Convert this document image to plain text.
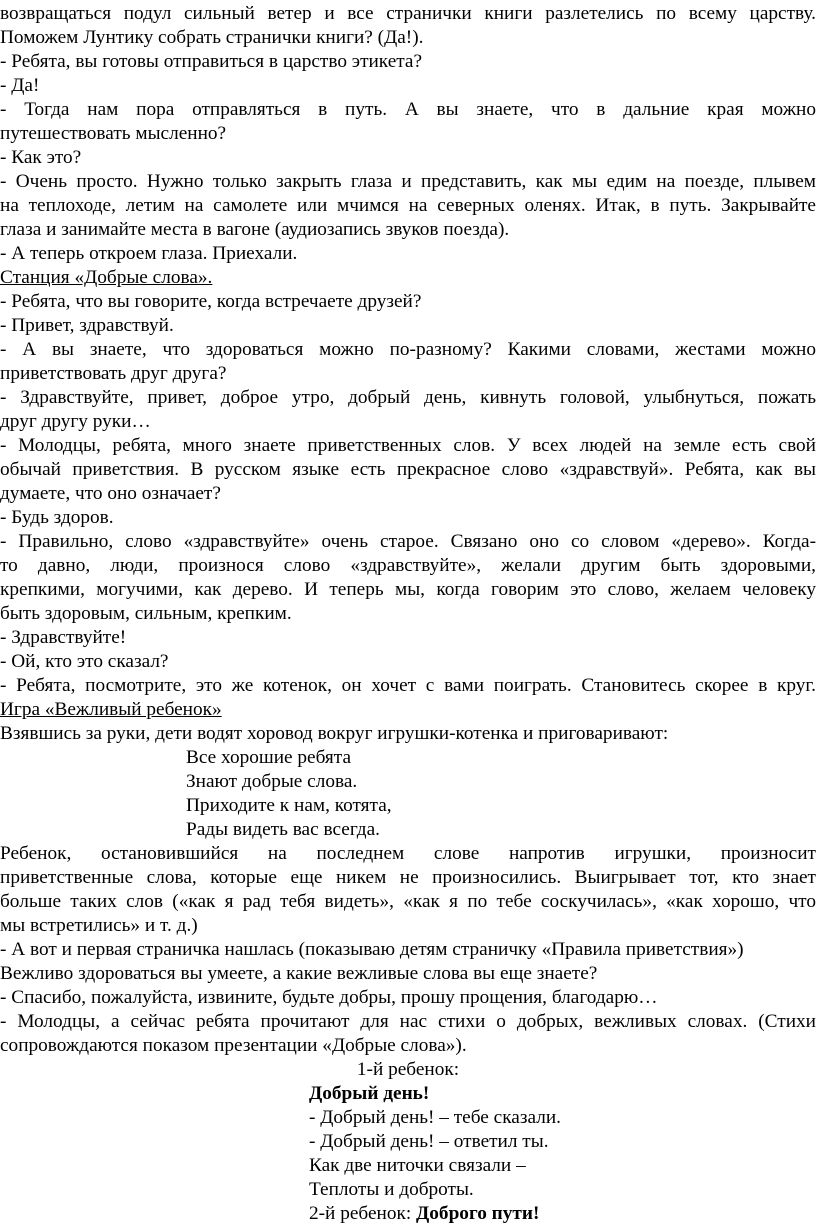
возвращаться подул сильный ветер и все странички книги разлетелись по всему царству.
Поможем Лунтику собрать странички книги? (Да!).
- Ребята, вы готовы отправиться в царство этикета?
- Да!
- Тогда нам пора отправляться в путь. А вы знаете, что в дальние края можно
путешествовать мысленно?
- Как это?
- Очень просто. Нужно только закрыть глаза и представить, как мы едим на поезде, плывем
на теплоходе, летим на самолете или мчимся на северных оленях. Итак, в путь. Закрывайте
глаза и занимайте места в вагоне (аудиозапись звуков поезда).
- А теперь откроем глаза. Приехали.
Станция «Добрые слова».
- Ребята, что вы говорите, когда встречаете друзей?
- Привет, здравствуй.
- А вы знаете, что здороваться можно по-разному? Какими словами, жестами можно
приветствовать друг друга?
- Здравствуйте, привет, доброе утро, добрый день, кивнуть головой, улыбнуться, пожать
друг другу руки…
- Молодцы, ребята, много знаете приветственных слов. У всех людей на земле есть свой
обычай приветствия. В русском языке есть прекрасное слово «здравствуй». Ребята, как вы
думаете, что оно означает?
- Будь здоров.
- Правильно, слово «здравствуйте» очень старое. Связано оно со словом «дерево». Когда-
то давно, люди, произнося слово «здравствуйте», желали другим быть здоровыми,
крепкими, могучими, как дерево. И теперь мы, когда говорим это слово, желаем человеку
быть здоровым, сильным, крепким.
- Здравствуйте!
- Ой, кто это сказал?
- Ребята, посмотрите, это же котенок, он хочет с вами поиграть. Становитесь скорее в круг.
Игра «Вежливый ребенок»
Взявшись за руки, дети водят хоровод вокруг игрушки-котенка и приговаривают:
Все хорошие ребята
Знают добрые слова.
Приходите к нам, котята,
Рады видеть вас всегда.
Ребенок, остановившийся на последнем слове напротив игрушки, произносит
приветственные слова, которые еще никем не произносились. Выигрывает тот, кто знает
больше таких слов («как я рад тебя видеть», «как я по тебе соскучилась», «как хорошо, что
мы встретились» и т. д.)
- А вот и первая страничка нашлась (показываю детям страничку «Правила приветствия»)
Вежливо здороваться вы умеете, а какие вежливые слова вы еще знаете?
- Спасибо, пожалуйста, извините, будьте добры, прошу прощения, благодарю…
- Молодцы, а сейчас ребята прочитают для нас стихи о добрых, вежливых словах. (Стихи
сопровождаются показом презентации «Добрые слова»).
1-й ребенок:
Добрый день!
- Добрый день! – тебе сказали.
- Добрый день! – ответил ты.
Как две ниточки связали –
Теплоты и доброты.
2-й ребенок: Доброго пути!
